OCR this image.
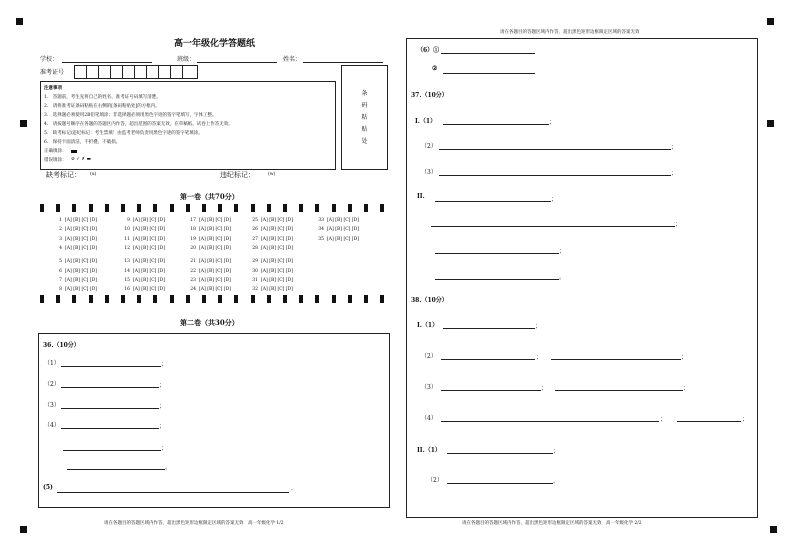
高一年级化学答题纸
学校：	班级：	姓名：
准考证号
注意事项
1.　答题前，考生先将自己的姓名、准考证号码填写清楚。
2.　请将准考证条码粘贴在右侧的[条码粘贴处]的方框内。
3.　选择题必须使用2B铅笔填涂；非选择题必须用黑色字迹的签字笔填写，字体工整。
4.　请按题号顺序在各题的答题区内作答，超出范围的答案无效，在草稿纸、试卷上作答无效。
5.　缺考标记/违纪标记：考生禁填！由监考老师负责用黑色字迹的签字笔填涂。
6.　保持卡面清洁，不折叠，不破损。
正确填涂：
错误填涂： ⊘ ✓ ✗ ▬
条码粘贴处
缺考标记： (u)	违纪标记：	(w)
第一卷（共70分）
1　[A] [B] [C] [D]	9　[A] [B] [C] [D]	17　[A] [B] [C] [D]	25　[A] [B] [C] [D]	33　[A] [B] [C] [D]
2　[A] [B] [C] [D]	10　[A] [B] [C] [D]	18　[A] [B] [C] [D]	26　[A] [B] [C] [D]	34　[A] [B] [C] [D]
3　[A] [B] [C] [D]	11　[A] [B] [C] [D]	19　[A] [B] [C] [D]	27　[A] [B] [C] [D]	35　[A] [B] [C] [D]
4　[A] [B] [C] [D]	12　[A] [B] [C] [D]	20　[A] [B] [C] [D]	28　[A] [B] [C] [D]
5　[A] [B] [C] [D]	13　[A] [B] [C] [D]	21　[A] [B] [C] [D]	29　[A] [B] [C] [D]
6　[A] [B] [C] [D]	14　[A] [B] [C] [D]	22　[A] [B] [C] [D]	30　[A] [B] [C] [D]
7　[A] [B] [C] [D]	15　[A] [B] [C] [D]	23　[A] [B] [C] [D]	31　[A] [B] [C] [D]
8　[A] [B] [C] [D]	16　[A] [B] [C] [D]	24　[A] [B] [C] [D]	32　[A] [B] [C] [D]
第二卷（共30分）
36.（10分）
（1）	；
（2）	；
（3）	；
（4）	；
；
。
(5)	.
请在各题目的答题区域内作答，超出黑色矩形边框限定区域的答案无效　高一年级化学 1/2
请在各题目的答题区域内作答，超出黑色矩形边框限定区域的答案无效
（6）①
②
37.（10分）
I.（1）	；
（2）	；
（3）	；
II.	；
；
；
。
38.（10分）
I.（1）	；
（2）	；	；
（3）	；	；
（4）	；	；
II.（1）	；
（2）	。
请在各题目的答题区域内作答，超出黑色矩形边框限定区域的答案无效　高一年级化学 2/2
